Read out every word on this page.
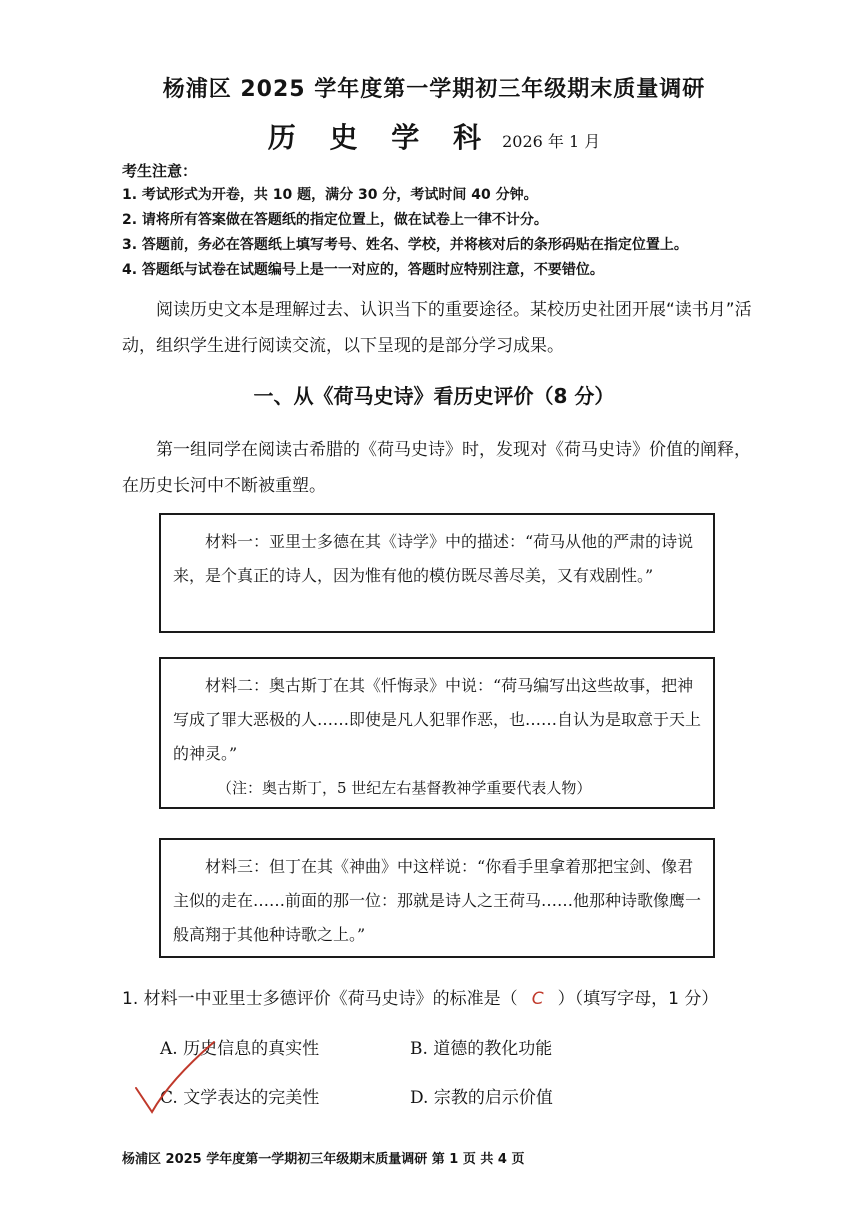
杨浦区 2025 学年度第一学期初三年级期末质量调研
历 史 学 科 2026 年 1 月
考生注意：
1. 考试形式为开卷，共 10 题，满分 30 分，考试时间 40 分钟。
2. 请将所有答案做在答题纸的指定位置上，做在试卷上一律不计分。
3. 答题前，务必在答题纸上填写考号、姓名、学校，并将核对后的条形码贴在指定位置上。
4. 答题纸与试卷在试题编号上是一一对应的，答题时应特别注意，不要错位。
阅读历史文本是理解过去、认识当下的重要途径。某校历史社团开展“读书月”活动，组织学生进行阅读交流，以下呈现的是部分学习成果。
一、从《荷马史诗》看历史评价（8 分）
第一组同学在阅读古希腊的《荷马史诗》时，发现对《荷马史诗》价值的阐释，在历史长河中不断被重塑。

材料一：亚里士多德在其《诗学》中的描述：“荷马从他的严肃的诗说来，是个真正的诗人，因为惟有他的模仿既尽善尽美，又有戏剧性。”

材料二：奥古斯丁在其《忏悔录》中说：“荷马编写出这些故事，把神写成了罪大恶极的人……即使是凡人犯罪作恶，也……自认为是取意于天上的神灵。”

（注：奥古斯丁，5 世纪左右基督教神学重要代表人物）

材料三：但丁在其《神曲》中这样说：“你看手里拿着那把宝剑、像君主似的走在……前面的那一位：那就是诗人之王荷马……他那种诗歌像鹰一般高翔于其他种诗歌之上。”

1. 材料一中亚里士多德评价《荷马史诗》的标准是（ C ）（填写字母，1 分）
A. 历史信息的真实性	B. 道德的教化功能
C. 文学表达的完美性	D. 宗教的启示价值
杨浦区 2025 学年度第一学期初三年级期末质量调研 第 1 页 共 4 页
